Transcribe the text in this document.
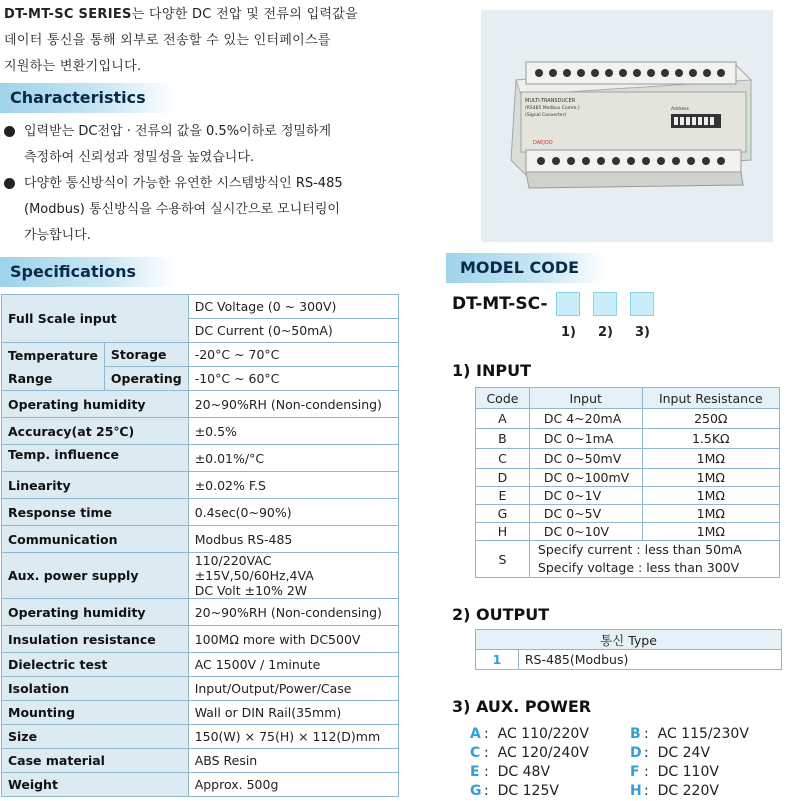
DT-MT-SC SERIES는 다양한 DC 전압 및 전류의 입력값을
데이터 통신을 통해 외부로 전송할 수 있는 인터페이스를
지원하는 변환기입니다.
Characteristics
입력받는 DC전압 · 전류의 값을 0.5%이하로 정밀하게
측정하여 신뢰성과 정밀성을 높였습니다.
다양한 통신방식이 가능한 유연한 시스템방식인 RS-485
(Modbus) 통신방식을 수용하여 실시간으로 모니터링이
가능합니다.
MULTI-TRANSDUCER
(RS485 Modbus Comm.)
(Signal Converter)
DAEJOO
Address
Specifications
Full Scale input		DC Voltage (0 ~ 300V)
		DC Current (0~50mA)

Temperature
Range	Storage	-20°C ~ 70°C
	Operating	-10°C ~ 60°C
Operating humidity		20~90%RH (Non-condensing)
Accuracy(at 25℃)		±0.5%
Temp. influence		±0.01%/°C
Linearity		±0.02% F.S
Response time		0.4sec(0~90%)
Communication		Modbus RS-485
Aux. power supply		110/220VAC ±15V,50/60Hz,4VA
DC Volt ±10% 2W

Operating humidity		20~90%RH (Non-condensing)
Insulation resistance		100MΩ more with DC500V
Dielectric test		AC 1500V / 1minute
Isolation		Input/Output/Power/Case
Mounting		Wall or DIN Rail(35mm)
Size		150(W) × 75(H) × 112(D)mm
Case material		ABS Resin
Weight		Approx. 500g
MODEL CODE
DT-MT-SC-
1) 2) 3)
1) INPUT
Code	Input	Input Resistance
A	DC 4~20mA	250Ω
B	DC 0~1mA	1.5KΩ
C	DC 0~50mV	1MΩ
D	DC 0~100mV	1MΩ
E	DC 0~1V	1MΩ
G	DC 0~5V	1MΩ
H	DC 0~10V	1MΩ
S	Specify current : less than 50mA
Specify voltage : less than 300V	
2) OUTPUT
통신 Type
1	RS-485(Modbus)
3) AUX. POWER
A :  AC 110/220V	B :  AC 115/230V
C :  AC 120/240V	D :  DC 24V
E :  DC 48V	F :  DC 110V
G :  DC 125V	H :  DC 220V
